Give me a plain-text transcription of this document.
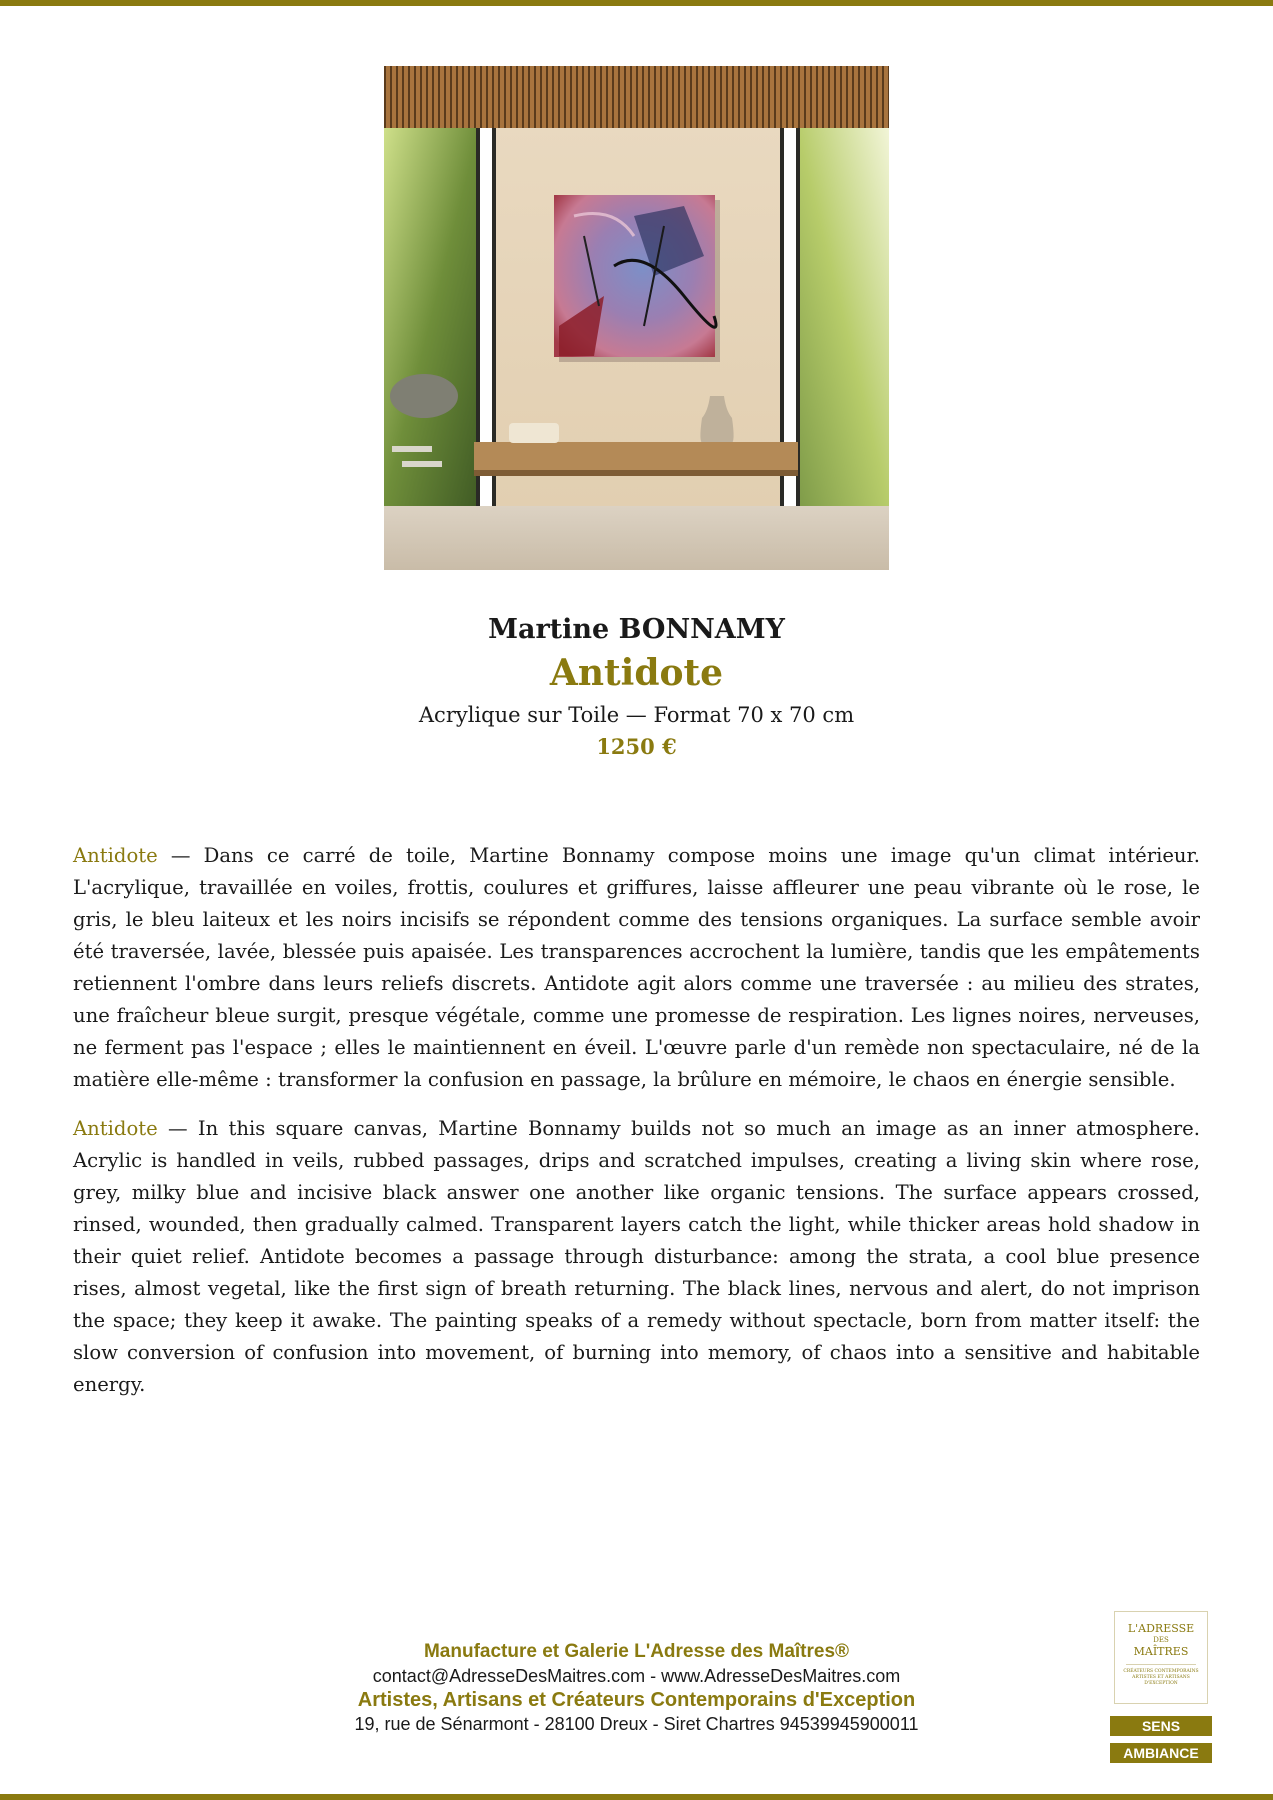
Martine BONNAMY
Antidote
Acrylique sur Toile — Format 70 x 70 cm
1250 €

Antidote — Dans ce carré de toile, Martine Bonnamy compose moins une image qu'un climat intérieur. L'acrylique, travaillée en voiles, frottis, coulures et griffures, laisse affleurer une peau vibrante où le rose, le gris, le bleu laiteux et les noirs incisifs se répondent comme des tensions organiques. La surface semble avoir été traversée, lavée, blessée puis apaisée. Les transparences accrochent la lumière, tandis que les empâtements retiennent l'ombre dans leurs reliefs discrets. Antidote agit alors comme une traversée : au milieu des strates, une fraîcheur bleue surgit, presque végétale, comme une promesse de respiration. Les lignes noires, nerveuses, ne ferment pas l'espace ; elles le maintiennent en éveil. L'œuvre parle d'un remède non spectaculaire, né de la matière elle-même : transformer la confusion en passage, la brûlure en mémoire, le chaos en énergie sensible.

Antidote — In this square canvas, Martine Bonnamy builds not so much an image as an inner atmosphere. Acrylic is handled in veils, rubbed passages, drips and scratched impulses, creating a living skin where rose, grey, milky blue and incisive black answer one another like organic tensions. The surface appears crossed, rinsed, wounded, then gradually calmed. Transparent layers catch the light, while thicker areas hold shadow in their quiet relief. Antidote becomes a passage through disturbance: among the strata, a cool blue presence rises, almost vegetal, like the first sign of breath returning. The black lines, nervous and alert, do not imprison the space; they keep it awake. The painting speaks of a remedy without spectacle, born from matter itself: the slow conversion of confusion into movement, of burning into memory, of chaos into a sensitive and habitable energy.

Manufacture et Galerie L'Adresse des Maîtres®
contact@AdresseDesMaitres.com - www.AdresseDesMaitres.com
Artistes, Artisans et Créateurs Contemporains d'Exception
19, rue de Sénarmont - 28100 Dreux - Siret Chartres 94539945900011
L'ADRESSE
DES
MAÎTRES
CRÉATEURS CONTEMPORAINS ARTISTES ET ARTISANS D'EXCEPTION
SENS
AMBIANCE
